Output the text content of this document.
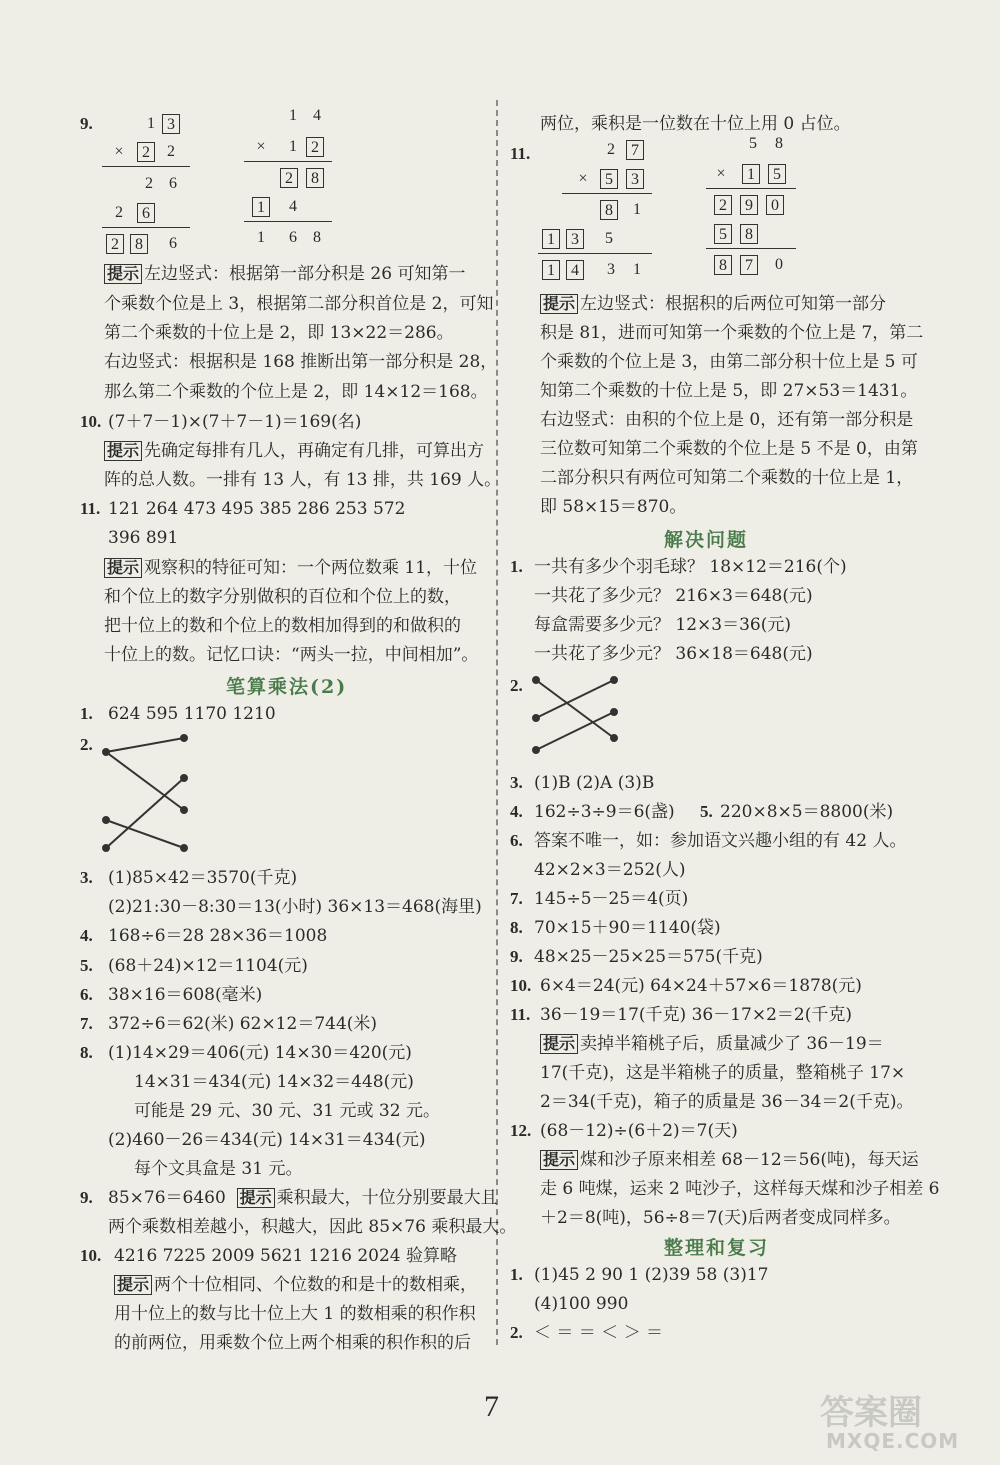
9.	1 3
×	2	2
2	6
2	6
2	8	6
1	4
×	1 2
2	8
1	4
1	6	8
提示 左边竖式：根据第一部分积是 26 可知第一
个乘数个位是上 3，根据第二部分积首位是 2，可知
第二个乘数的十位上是 2，即 13×22＝286。
右边竖式：根据积是 168 推断出第一部分积是 28，
那么第二个乘数的个位上是 2，即 14×12＝168。
10. (7＋7－1)×(7＋7－1)＝169(名)
提示 先确定每排有几人，再确定有几排，可算出方
阵的总人数。一排有 13 人，有 13 排，共 169 人。
11. 121 264 473 495 385 286 253 572
396 891
提示 观察积的特征可知：一个两位数乘 11，十位
和个位上的数字分别做积的百位和个位上的数，
把十位上的数和个位上的数相加得到的和做积的
十位上的数。记忆口诀：“两头一拉，中间相加”。
笔算乘法(2)
1. 624 595 1170 1210
2.
3. (1)85×42＝3570(千克)
(2)21:30－8:30＝13(小时) 36×13＝468(海里)
4. 168÷6＝28 28×36＝1008
5. (68＋24)×12＝1104(元)
6. 38×16＝608(毫米)
7. 372÷6＝62(米) 62×12＝744(米)
8. (1)14×29＝406(元) 14×30＝420(元)
14×31＝434(元) 14×32＝448(元)
可能是 29 元、30 元、31 元或 32 元。
(2)460－26＝434(元) 14×31＝434(元)
每个文具盒是 31 元。
9. 85×76＝6460 提示 乘积最大，十位分别要最大且
两个乘数相差越小，积越大，因此 85×76 乘积最大。
10. 4216 7225 2009 5621 1216 2024 验算略
提示 两个十位相同、个位数的和是十的数相乘，
用十位上的数与比十位上大 1 的数相乘的积作积
的前两位，用乘数个位上两个相乘的积作积的后
两位，乘积是一位数在十位上用 0 占位。
11.	2	7
×	5	3
8	1
1	3	5
1	4	3	1
5	8
×	1	5
2	9	0
5	8
8	7	0
提示 左边竖式：根据积的后两位可知第一部分
积是 81，进而可知第一个乘数的个位上是 7，第二
个乘数的个位上是 3，由第二部分积十位上是 5 可
知第二个乘数的十位上是 5，即 27×53＝1431。
右边竖式：由积的个位上是 0，还有第一部分积是
三位数可知第二个乘数的个位上是 5 不是 0，由第
二部分积只有两位可知第二个乘数的十位上是 1，
即 58×15＝870。
解决问题
1. 一共有多少个羽毛球？ 18×12＝216(个)
一共花了多少元？ 216×3＝648(元)
每盒需要多少元？ 12×3＝36(元)
一共花了多少元？ 36×18＝648(元)
2.
3. (1)B (2)A (3)B
4. 162÷3÷9＝6(盏) 5. 220×8×5＝8800(米)
6. 答案不唯一，如：参加语文兴趣小组的有 42 人。
42×2×3＝252(人)
7. 145÷5－25＝4(页)
8. 70×15＋90＝1140(袋)
9. 48×25－25×25＝575(千克)
10. 6×4＝24(元) 64×24＋57×6＝1878(元)
11. 36－19＝17(千克) 36－17×2＝2(千克)
提示 卖掉半箱桃子后，质量减少了 36－19＝
17(千克)，这是半箱桃子的质量，整箱桃子 17×
2＝34(千克)，箱子的质量是 36－34＝2(千克)。
12. (68－12)÷(6＋2)＝7(天)
提示 煤和沙子原来相差 68－12＝56(吨)，每天运
走 6 吨煤，运来 2 吨沙子，这样每天煤和沙子相差 6
＋2＝8(吨)，56÷8＝7(天)后两者变成同样多。
整理和复习
1. (1)45 2 90 1 (2)39 58 (3)17
(4)100 990
2. ＜ ＝ ＝ ＜ ＞ ＝
7	答案圈
MXQE.COM
